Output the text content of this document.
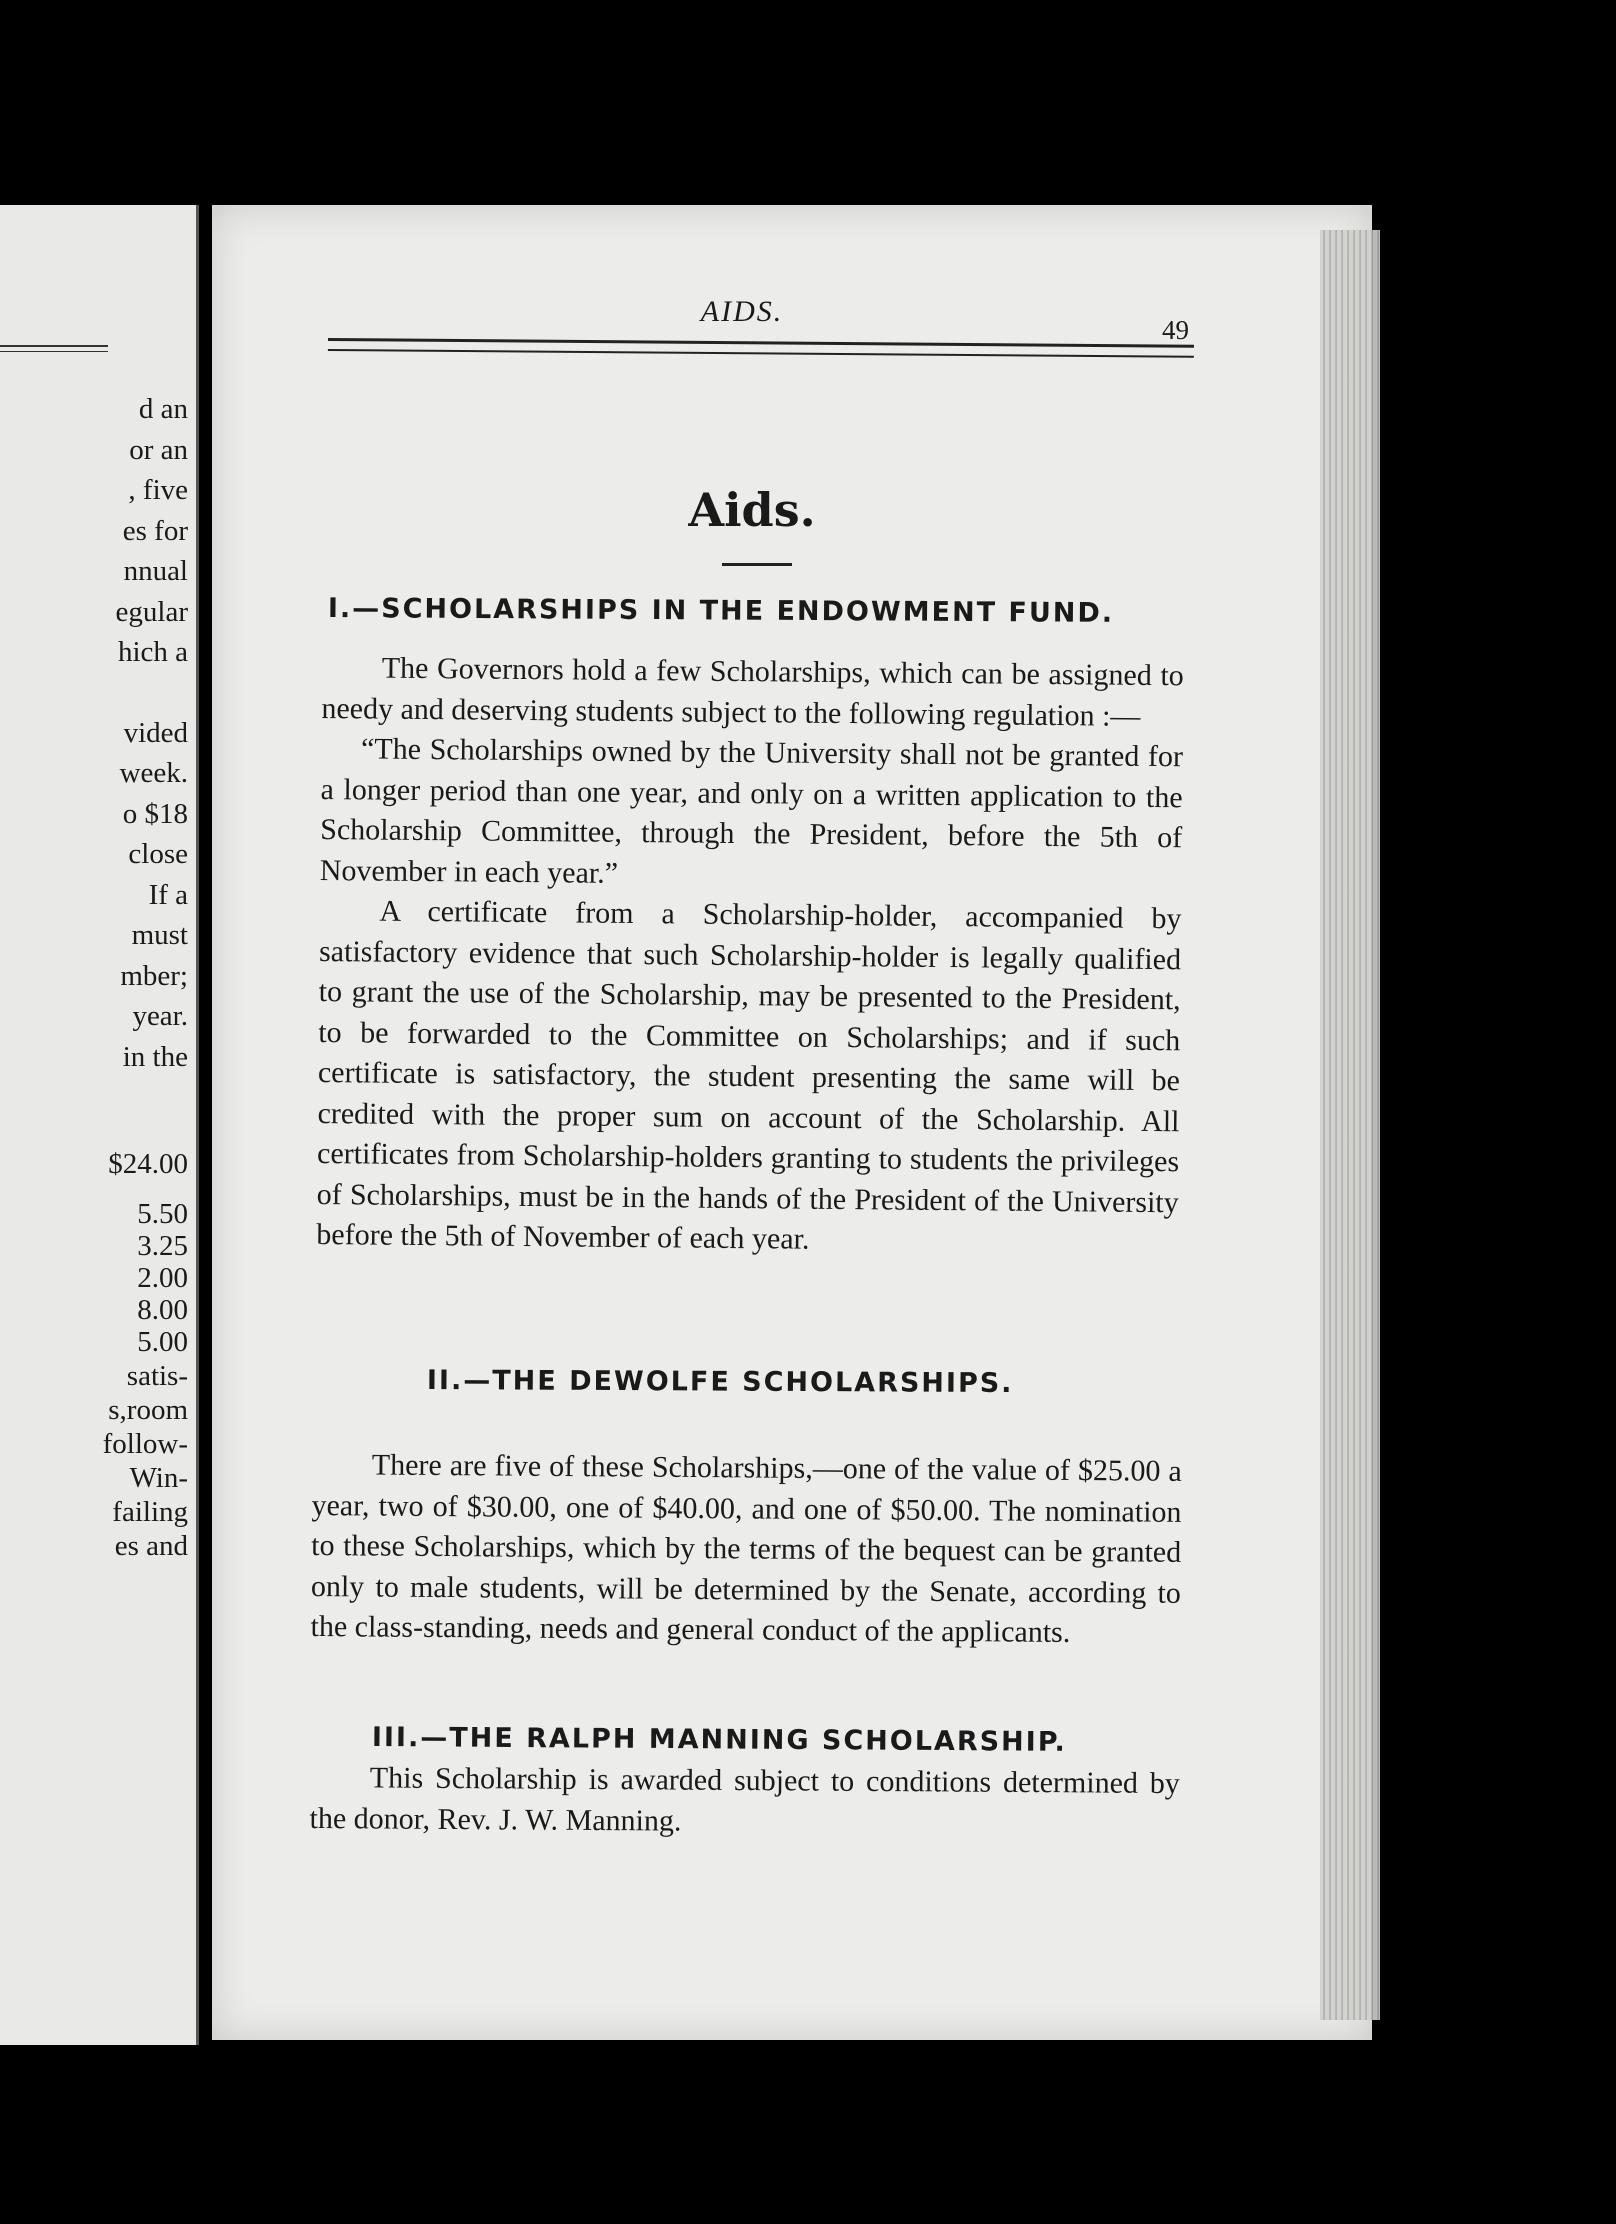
d an
or an
, five
es for
nnual
egular
hich a
vided
week.
o $18
close
If a
must
mber;
year.
in the
$24.00
5.50
3.25
2.00
8.00
5.00
satis-
s,room
follow-
Win-
failing
es and
AIDS.
49
Aids.
I.—SCHOLARSHIPS IN THE ENDOWMENT FUND.

The Governors hold a few Scholarships, which can be assigned to needy and deserving students subject to the following regulation :—

“The Scholarships owned by the University shall not be granted for a longer period than one year, and only on a written application to the Scholarship Committee, through the President, before the 5th of November in each year.”

A certificate from a Scholarship-holder, accompanied by satisfactory evidence that such Scholarship-holder is legally qualified to grant the use of the Scholarship, may be presented to the President, to be forwarded to the Committee on Scholarships; and if such certificate is satisfactory, the student presenting the same will be credited with the proper sum on account of the Scholarship. All certificates from Scholarship-holders granting to students the privileges of Scholarships, must be in the hands of the President of the University before the 5th of November of each year.

II.—THE DEWOLFE SCHOLARSHIPS.

There are five of these Scholarships,—one of the value of $25.00 a year, two of $30.00, one of $40.00, and one of $50.00. The nomination to these Scholarships, which by the terms of the bequest can be granted only to male students, will be determined by the Senate, according to the class-standing, needs and general conduct of the applicants.

III.—THE RALPH MANNING SCHOLARSHIP.

This Scholarship is awarded subject to conditions determined by the donor, Rev. J. W. Manning.
